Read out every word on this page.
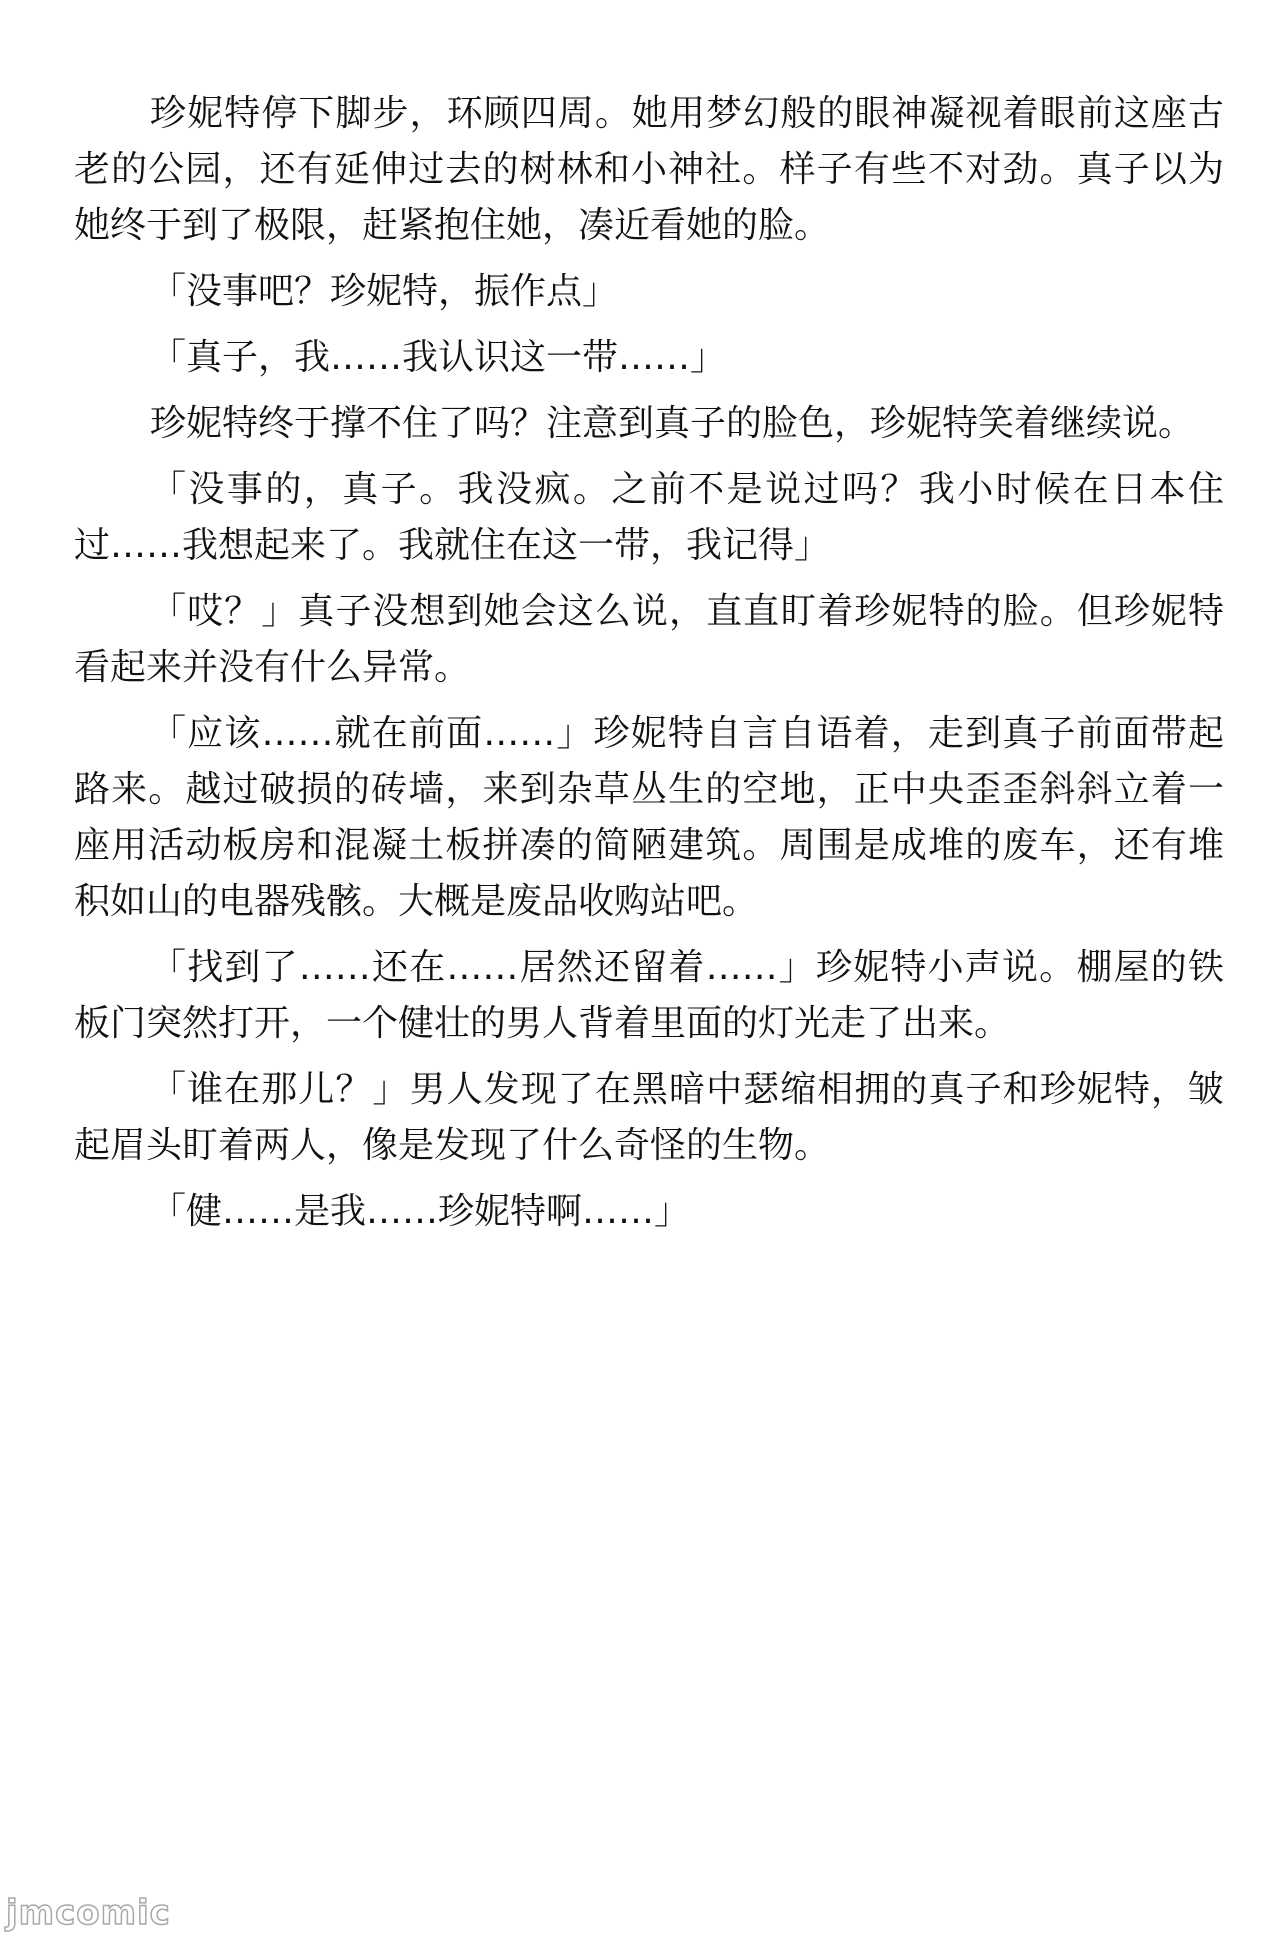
珍妮特停下脚步，环顾四周。她用梦幻般的眼神凝视着眼前这座古老的公园，还有延伸过去的树林和小神社。样子有些不对劲。真子以为她终于到了极限，赶紧抱住她，凑近看她的脸。

「没事吧？珍妮特，振作点」

「真子，我……我认识这一带……」

珍妮特终于撑不住了吗？注意到真子的脸色，珍妮特笑着继续说。

「没事的，真子。我没疯。之前不是说过吗？我小时候在日本住过……我想起来了。我就住在这一带，我记得」

「哎？」真子没想到她会这么说，直直盯着珍妮特的脸。但珍妮特看起来并没有什么异常。

「应该……就在前面……」珍妮特自言自语着，走到真子前面带起路来。越过破损的砖墙，来到杂草丛生的空地，正中央歪歪斜斜立着一座用活动板房和混凝土板拼凑的简陋建筑。周围是成堆的废车，还有堆积如山的电器残骸。大概是废品收购站吧。

「找到了……还在……居然还留着……」珍妮特小声说。棚屋的铁板门突然打开，一个健壮的男人背着里面的灯光走了出来。

「谁在那儿？」男人发现了在黑暗中瑟缩相拥的真子和珍妮特，皱起眉头盯着两人，像是发现了什么奇怪的生物。

「健……是我……珍妮特啊……」

jmcomic
